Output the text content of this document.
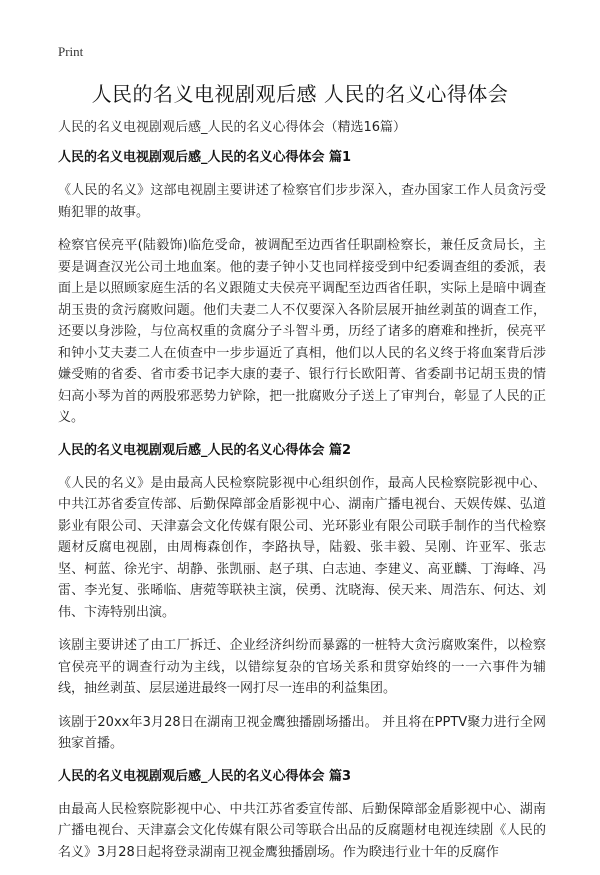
Print
人民的名义电视剧观后感 人民的名义心得体会

人民的名义电视剧观后感_人民的名义心得体会（精选16篇）

人民的名义电视剧观后感_人民的名义心得体会 篇1

《人民的名义》这部电视剧主要讲述了检察官们步步深入，查办国家工作人员贪污受贿犯罪的故事。

检察官侯亮平(陆毅饰)临危受命，被调配至边西省任职副检察长，兼任反贪局长，主要是调查汉光公司土地血案。他的妻子钟小艾也同样接受到中纪委调查组的委派，表面上是以照顾家庭生活的名义跟随丈夫侯亮平调配至边西省任职，实际上是暗中调查胡玉贵的贪污腐败问题。他们夫妻二人不仅要深入各阶层展开抽丝剥茧的调查工作，还要以身涉险，与位高权重的贪腐分子斗智斗勇，历经了诸多的磨难和挫折，侯亮平和钟小艾夫妻二人在侦查中一步步逼近了真相，他们以人民的名义终于将血案背后涉嫌受贿的省委、省市委书记李大康的妻子、银行行长欧阳菁、省委副书记胡玉贵的情妇高小琴为首的两股邪恶势力铲除，把一批腐败分子送上了审判台，彰显了人民的正义。

人民的名义电视剧观后感_人民的名义心得体会 篇2

《人民的名义》是由最高人民检察院影视中心组织创作，最高人民检察院影视中心、中共江苏省委宣传部、后勤保障部金盾影视中心、湖南广播电视台、天娱传媒、弘道影业有限公司、天津嘉会文化传媒有限公司、光环影业有限公司联手制作的当代检察题材反腐电视剧，由周梅森创作，李路执导，陆毅、张丰毅、吴刚、许亚军、张志坚、柯蓝、徐光宇、胡静、张凯丽、赵子琪、白志迪、李建义、高亚麟、丁海峰、冯雷、李光复、张晞临、唐菀等联袂主演，侯勇、沈晓海、侯天来、周浩东、何达、刘伟、卞涛特别出演。

该剧主要讲述了由工厂拆迁、企业经济纠纷而暴露的一桩特大贪污腐败案件，以检察官侯亮平的调查行动为主线，以错综复杂的官场关系和贯穿始终的一一六事件为辅线，抽丝剥茧、层层递进最终一网打尽一连串的利益集团。

该剧于20xx年3月28日在湖南卫视金鹰独播剧场播出。 并且将在PPTV聚力进行全网独家首播。

人民的名义电视剧观后感_人民的名义心得体会 篇3

由最高人民检察院影视中心、中共江苏省委宣传部、后勤保障部金盾影视中心、湖南广播电视台、天津嘉会文化传媒有限公司等联合出品的反腐题材电视连续剧《人民的名义》3月28日起将登录湖南卫视金鹰独播剧场。作为睽违行业十年的反腐作
